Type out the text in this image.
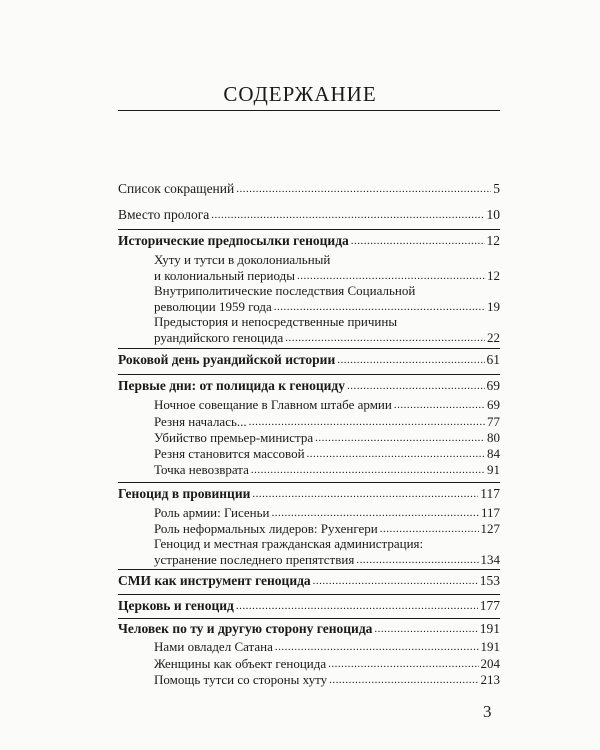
СОДЕРЖАНИЕ
Список сокращений .....	5
Вместо пролога .....	10
Исторические предпосылки геноцида .....	12
Хуту и тутси в доколониальный
и колониальный периоды .....	12
Внутриполитические последствия Социальной
революции 1959 года .....	19
Предыстория и непосредственные причины
руандийского геноцида .....	22
Роковой день руандийской истории .....	61
Первые дни: от полицида к геноциду .....	69
Ночное совещание в Главном штабе армии .....	69
Резня началась... .....	77
Убийство премьер-министра .....	80
Резня становится массовой .....	84
Точка невозврата .....	91
Геноцид в провинции .....	117
Роль армии: Гисеньи .....	117
Роль неформальных лидеров: Рухенгери .....	127
Геноцид и местная гражданская администрация:
устранение последнего препятствия .....	134
СМИ как инструмент геноцида .....	153
Церковь и геноцид .....	177
Человек по ту и другую сторону геноцида .....	191
Нами овладел Сатана .....	191
Женщины как объект геноцида .....	204
Помощь тутси со стороны хуту .....	213
3
